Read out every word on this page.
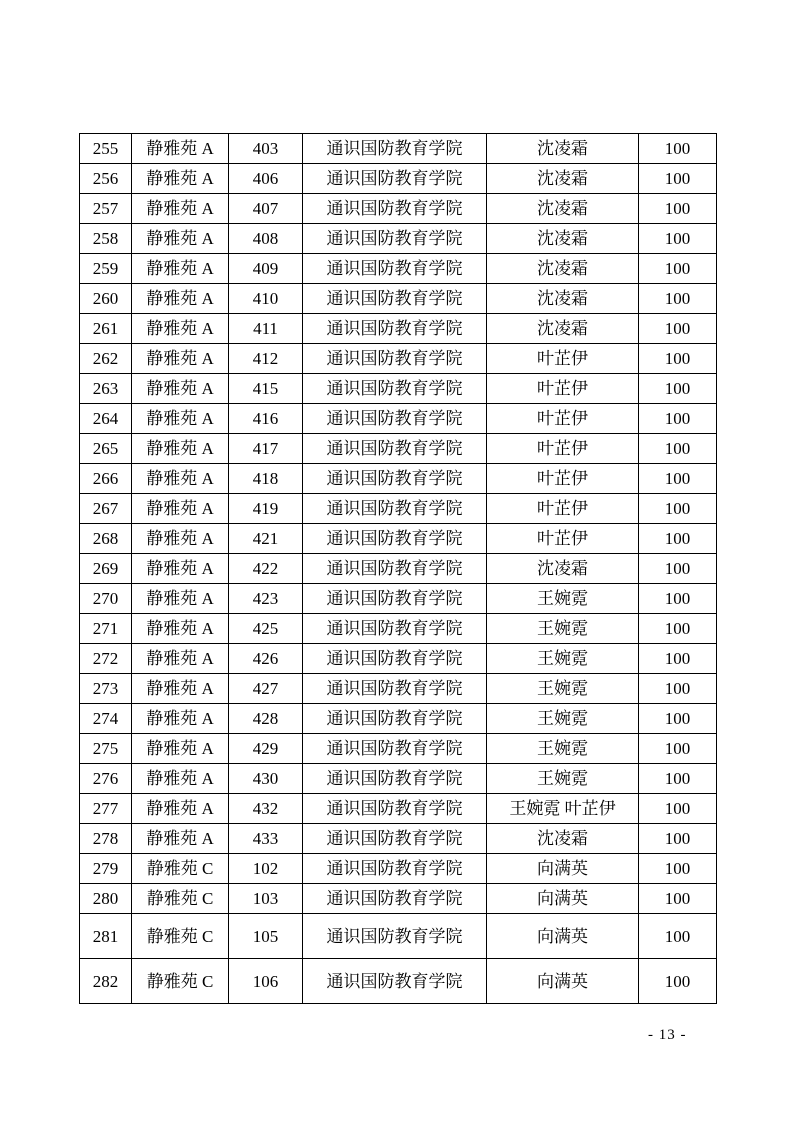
255	静雅苑 A	403	通识国防教育学院	沈凌霜	100
256	静雅苑 A	406	通识国防教育学院	沈凌霜	100
257	静雅苑 A	407	通识国防教育学院	沈凌霜	100
258	静雅苑 A	408	通识国防教育学院	沈凌霜	100
259	静雅苑 A	409	通识国防教育学院	沈凌霜	100
260	静雅苑 A	410	通识国防教育学院	沈凌霜	100
261	静雅苑 A	411	通识国防教育学院	沈凌霜	100
262	静雅苑 A	412	通识国防教育学院	叶芷伊	100
263	静雅苑 A	415	通识国防教育学院	叶芷伊	100
264	静雅苑 A	416	通识国防教育学院	叶芷伊	100
265	静雅苑 A	417	通识国防教育学院	叶芷伊	100
266	静雅苑 A	418	通识国防教育学院	叶芷伊	100
267	静雅苑 A	419	通识国防教育学院	叶芷伊	100
268	静雅苑 A	421	通识国防教育学院	叶芷伊	100
269	静雅苑 A	422	通识国防教育学院	沈凌霜	100
270	静雅苑 A	423	通识国防教育学院	王婉霓	100
271	静雅苑 A	425	通识国防教育学院	王婉霓	100
272	静雅苑 A	426	通识国防教育学院	王婉霓	100
273	静雅苑 A	427	通识国防教育学院	王婉霓	100
274	静雅苑 A	428	通识国防教育学院	王婉霓	100
275	静雅苑 A	429	通识国防教育学院	王婉霓	100
276	静雅苑 A	430	通识国防教育学院	王婉霓	100
277	静雅苑 A	432	通识国防教育学院	王婉霓 叶芷伊	100
278	静雅苑 A	433	通识国防教育学院	沈凌霜	100
279	静雅苑 C	102	通识国防教育学院	向满英	100
280	静雅苑 C	103	通识国防教育学院	向满英	100
281	静雅苑 C	105	通识国防教育学院	向满英	100
282	静雅苑 C	106	通识国防教育学院	向满英	100
- 13 -
